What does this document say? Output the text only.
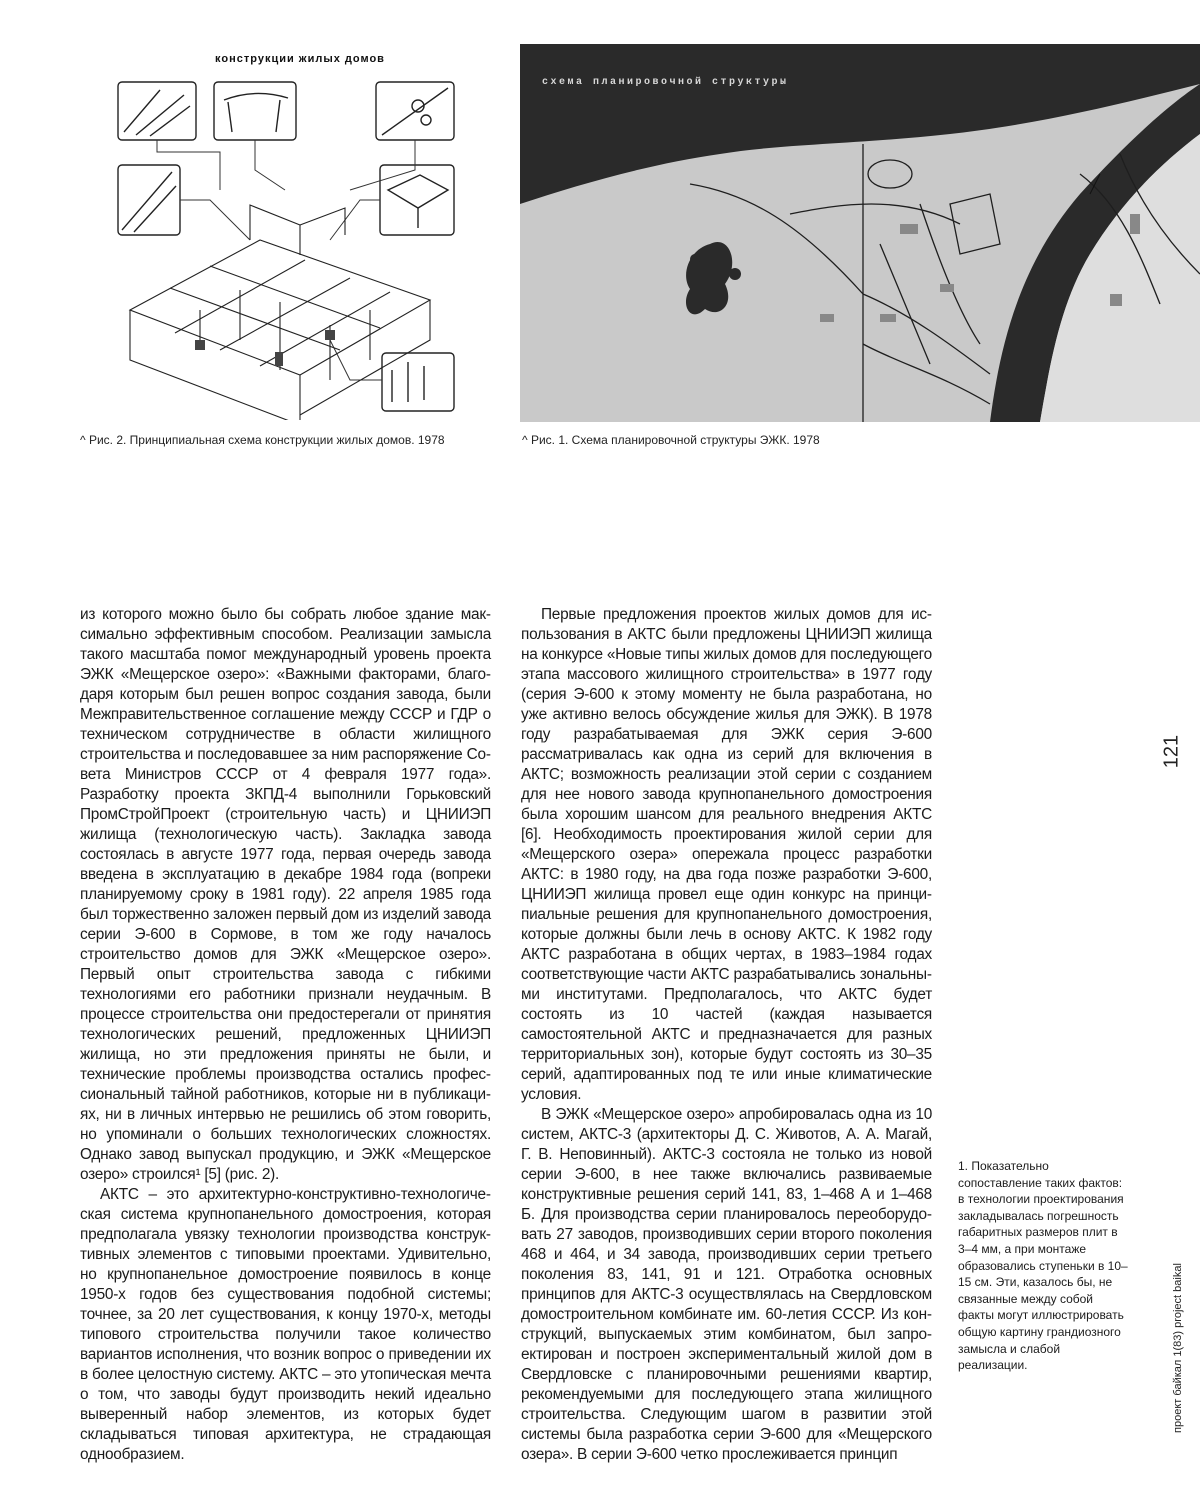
конструкции жилых домов
^ Рис. 2. Принципиальная схема конструкции жилых домов. 1978
схема планировочной структуры
^ Рис. 1. Схема планировочной структуры ЭЖК. 1978

из которого можно было бы собрать любое здание максимально эффективным способом. Реализации замысла такого масштаба помог международный уровень проекта ЭЖК «Мещерское озеро»: «Важными факторами, благодаря которым был решен вопрос создания завода, были Межправительственное соглашение между СССР и ГДР о техническом сотрудничестве в области жилищного строительства и последовавшее за ним распоряжение Совета Министров СССР от 4 февраля 1977 года». Разработку проекта ЗКПД-4 выполнили Горьковский ПромСтройПроект (строительную часть) и ЦНИИЭП жилища (технологическую часть). Закладка завода состоялась в августе 1977 года, первая очередь завода введена в эксплуатацию в декабре 1984 года (вопреки планируемому сроку в 1981 году). 22 апреля 1985 года был торжественно заложен первый дом из изделий завода серии Э-600 в Сормове, в том же году началось строительство домов для ЭЖК «Мещерское озеро». Первый опыт строительства завода с гибкими технологиями его работники признали неудачным. В процессе строительства они предостерегали от принятия технологических решений, предложенных ЦНИИЭП жилища, но эти предложения приняты не были, и технические проблемы производства остались профессиональный тайной работников, которые ни в публикациях, ни в личных интервью не решились об этом говорить, но упоминали о больших технологических сложностях. Однако завод выпускал продукцию, и ЭЖК «Мещерское озеро» строился¹ [5] (рис. 2).

АКТС – это архитектурно-конструктивно-технологическая система крупнопанельного домостроения, которая предполагала увязку технологии производства конструктивных элементов с типовыми проектами. Удивительно, но крупнопанельное домостроение появилось в конце 1950-х годов без существования подобной системы; точнее, за 20 лет существования, к концу 1970-х, методы типового строительства получили такое количество вариантов исполнения, что возник вопрос о приведении их в более целостную систему. АКТС – это утопическая мечта о том, что заводы будут производить некий идеально выверенный набор элементов, из которых будет складываться типовая архитектура, не страдающая однообразием.

Первые предложения проектов жилых домов для использования в АКТС были предложены ЦНИИЭП жилища на конкурсе «Новые типы жилых домов для последующего этапа массового жилищного строительства» в 1977 году (серия Э-600 к этому моменту не была разработана, но уже активно велось обсуждение жилья для ЭЖК). В 1978 году разрабатываемая для ЭЖК серия Э-600 рассматривалась как одна из серий для включения в АКТС; возможность реализации этой серии с созданием для нее нового завода крупнопанельного домостроения была хорошим шансом для реального внедрения АКТС [6]. Необходимость проектирования жилой серии для «Мещерского озера» опережала процесс разработки АКТС: в 1980 году, на два года позже разработки Э-600, ЦНИИЭП жилища провел еще один конкурс на принципиальные решения для крупнопанельного домостроения, которые должны были лечь в основу АКТС. К 1982 году АКТС разработана в общих чертах, в 1983–1984 годах соответствующие части АКТС разрабатывались зональными институтами. Предполагалось, что АКТС будет состоять из 10 частей (каждая называется самостоятельной АКТС и предназначается для разных территориальных зон), которые будут состоять из 30–35 серий, адаптированных под те или иные климатические условия.

В ЭЖК «Мещерское озеро» апробировалась одна из 10 систем, АКТС-3 (архитекторы Д. С. Животов, А. А. Магай, Г. В. Неповинный). АКТС-3 состояла не только из новой серии Э-600, в нее также включались развиваемые конструктивные решения серий 141, 83, 1–468 А и 1–468 Б. Для производства серии планировалось переоборудовать 27 заводов, производивших серии второго поколения 468 и 464, и 34 завода, производивших серии третьего поколения 83, 141, 91 и 121. Отработка основных принципов для АКТС-3 осуществлялась на Свердловском домостроительном комбинате им. 60-летия СССР. Из конструкций, выпускаемых этим комбинатом, был запроектирован и построен экспериментальный жилой дом в Свердловске с планировочными решениями квартир, рекомендуемыми для последующего этапа жилищного строительства. Следующим шагом в развитии этой системы была разработка серии Э-600 для «Мещерского озера». В серии Э-600 четко прослеживается принцип

1. Показательно сопоставление таких фактов: в технологии проектирования закладывалась погрешность габаритных размеров плит в 3–4 мм, а при монтаже образовались ступеньки в 10–15 см. Эти, казалось бы, не связанные между собой факты могут иллюстрировать общую картину грандиозного замысла и слабой реализации.
121
проект байкал 1(83) project baikal
